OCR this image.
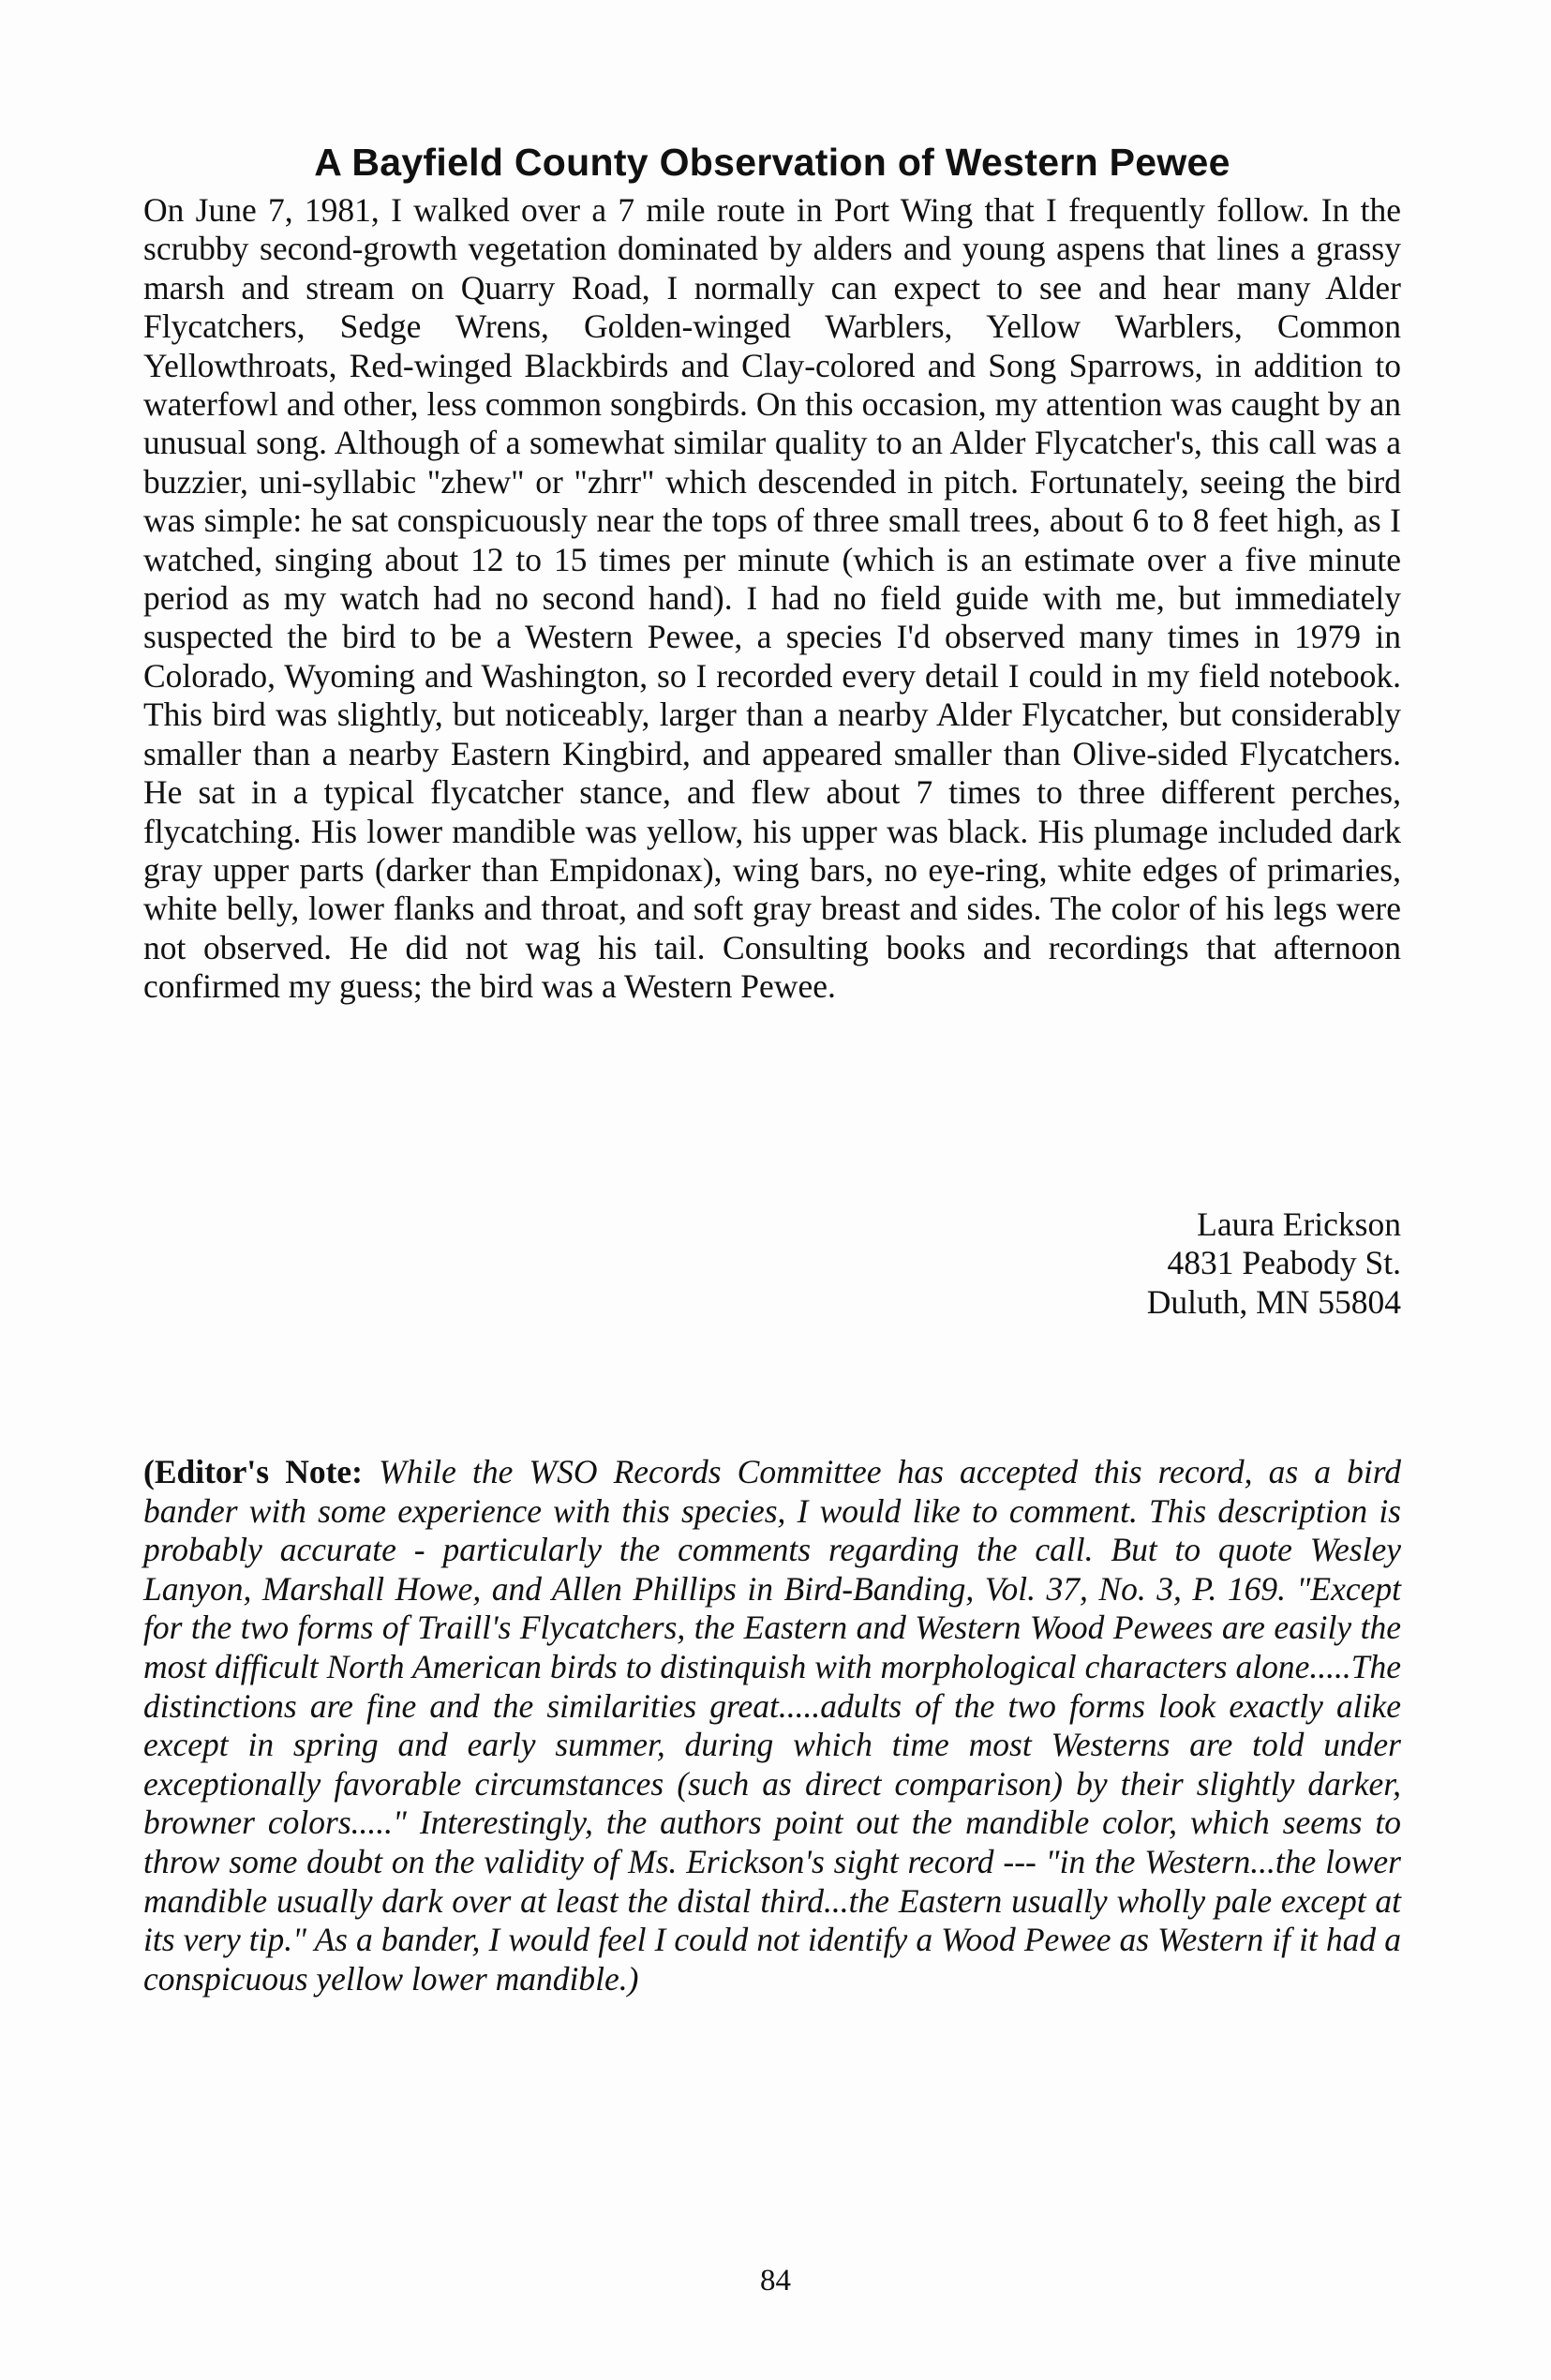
A Bayfield County Observation of Western Pewee

On June 7, 1981, I walked over a 7 mile route in Port Wing that I frequently follow. In the scrubby second-growth vegetation dominated by alders and young aspens that lines a grassy marsh and stream on Quarry Road, I normally can expect to see and hear many Alder Flycatchers, Sedge Wrens, Golden-winged Warblers, Yellow Warblers, Common Yellowthroats, Red-winged Blackbirds and Clay-colored and Song Sparrows, in addition to waterfowl and other, less common songbirds. On this occasion, my attention was caught by an unusual song. Although of a somewhat similar quality to an Alder Flycatcher's, this call was a buzzier, uni-syllabic "zhew" or "zhrr" which descended in pitch. Fortunately, seeing the bird was simple: he sat conspicuously near the tops of three small trees, about 6 to 8 feet high, as I watched, singing about 12 to 15 times per minute (which is an estimate over a five minute period as my watch had no second hand). I had no field guide with me, but immediately suspected the bird to be a Western Pewee, a species I'd observed many times in 1979 in Colorado, Wyoming and Washington, so I recorded every detail I could in my field notebook. This bird was slightly, but noticeably, larger than a nearby Alder Flycatcher, but considerably smaller than a nearby Eastern Kingbird, and appeared smaller than Olive-sided Flycatchers. He sat in a typical flycatcher stance, and flew about 7 times to three different perches, flycatching. His lower mandible was yellow, his upper was black. His plumage included dark gray upper parts (darker than Empidonax), wing bars, no eye-ring, white edges of primaries, white belly, lower flanks and throat, and soft gray breast and sides. The color of his legs were not observed. He did not wag his tail. Consulting books and recordings that afternoon confirmed my guess; the bird was a Western Pewee.

Laura Erickson
4831 Peabody St.
Duluth, MN 55804

(Editor's Note: While the WSO Records Committee has accepted this record, as a bird bander with some experience with this species, I would like to comment. This description is probably accurate - particularly the comments regarding the call. But to quote Wesley Lanyon, Marshall Howe, and Allen Phillips in Bird-Banding, Vol. 37, No. 3, P. 169. "Except for the two forms of Traill's Flycatchers, the Eastern and Western Wood Pewees are easily the most difficult North American birds to distinquish with morphological characters alone.....The distinctions are fine and the similarities great.....adults of the two forms look exactly alike except in spring and early summer, during which time most Westerns are told under exceptionally favorable circumstances (such as direct comparison) by their slightly darker, browner colors....." Interestingly, the authors point out the mandible color, which seems to throw some doubt on the validity of Ms. Erickson's sight record --- "in the Western...the lower mandible usually dark over at least the distal third...the Eastern usually wholly pale except at its very tip." As a bander, I would feel I could not identify a Wood Pewee as Western if it had a conspicuous yellow lower mandible.)

84
